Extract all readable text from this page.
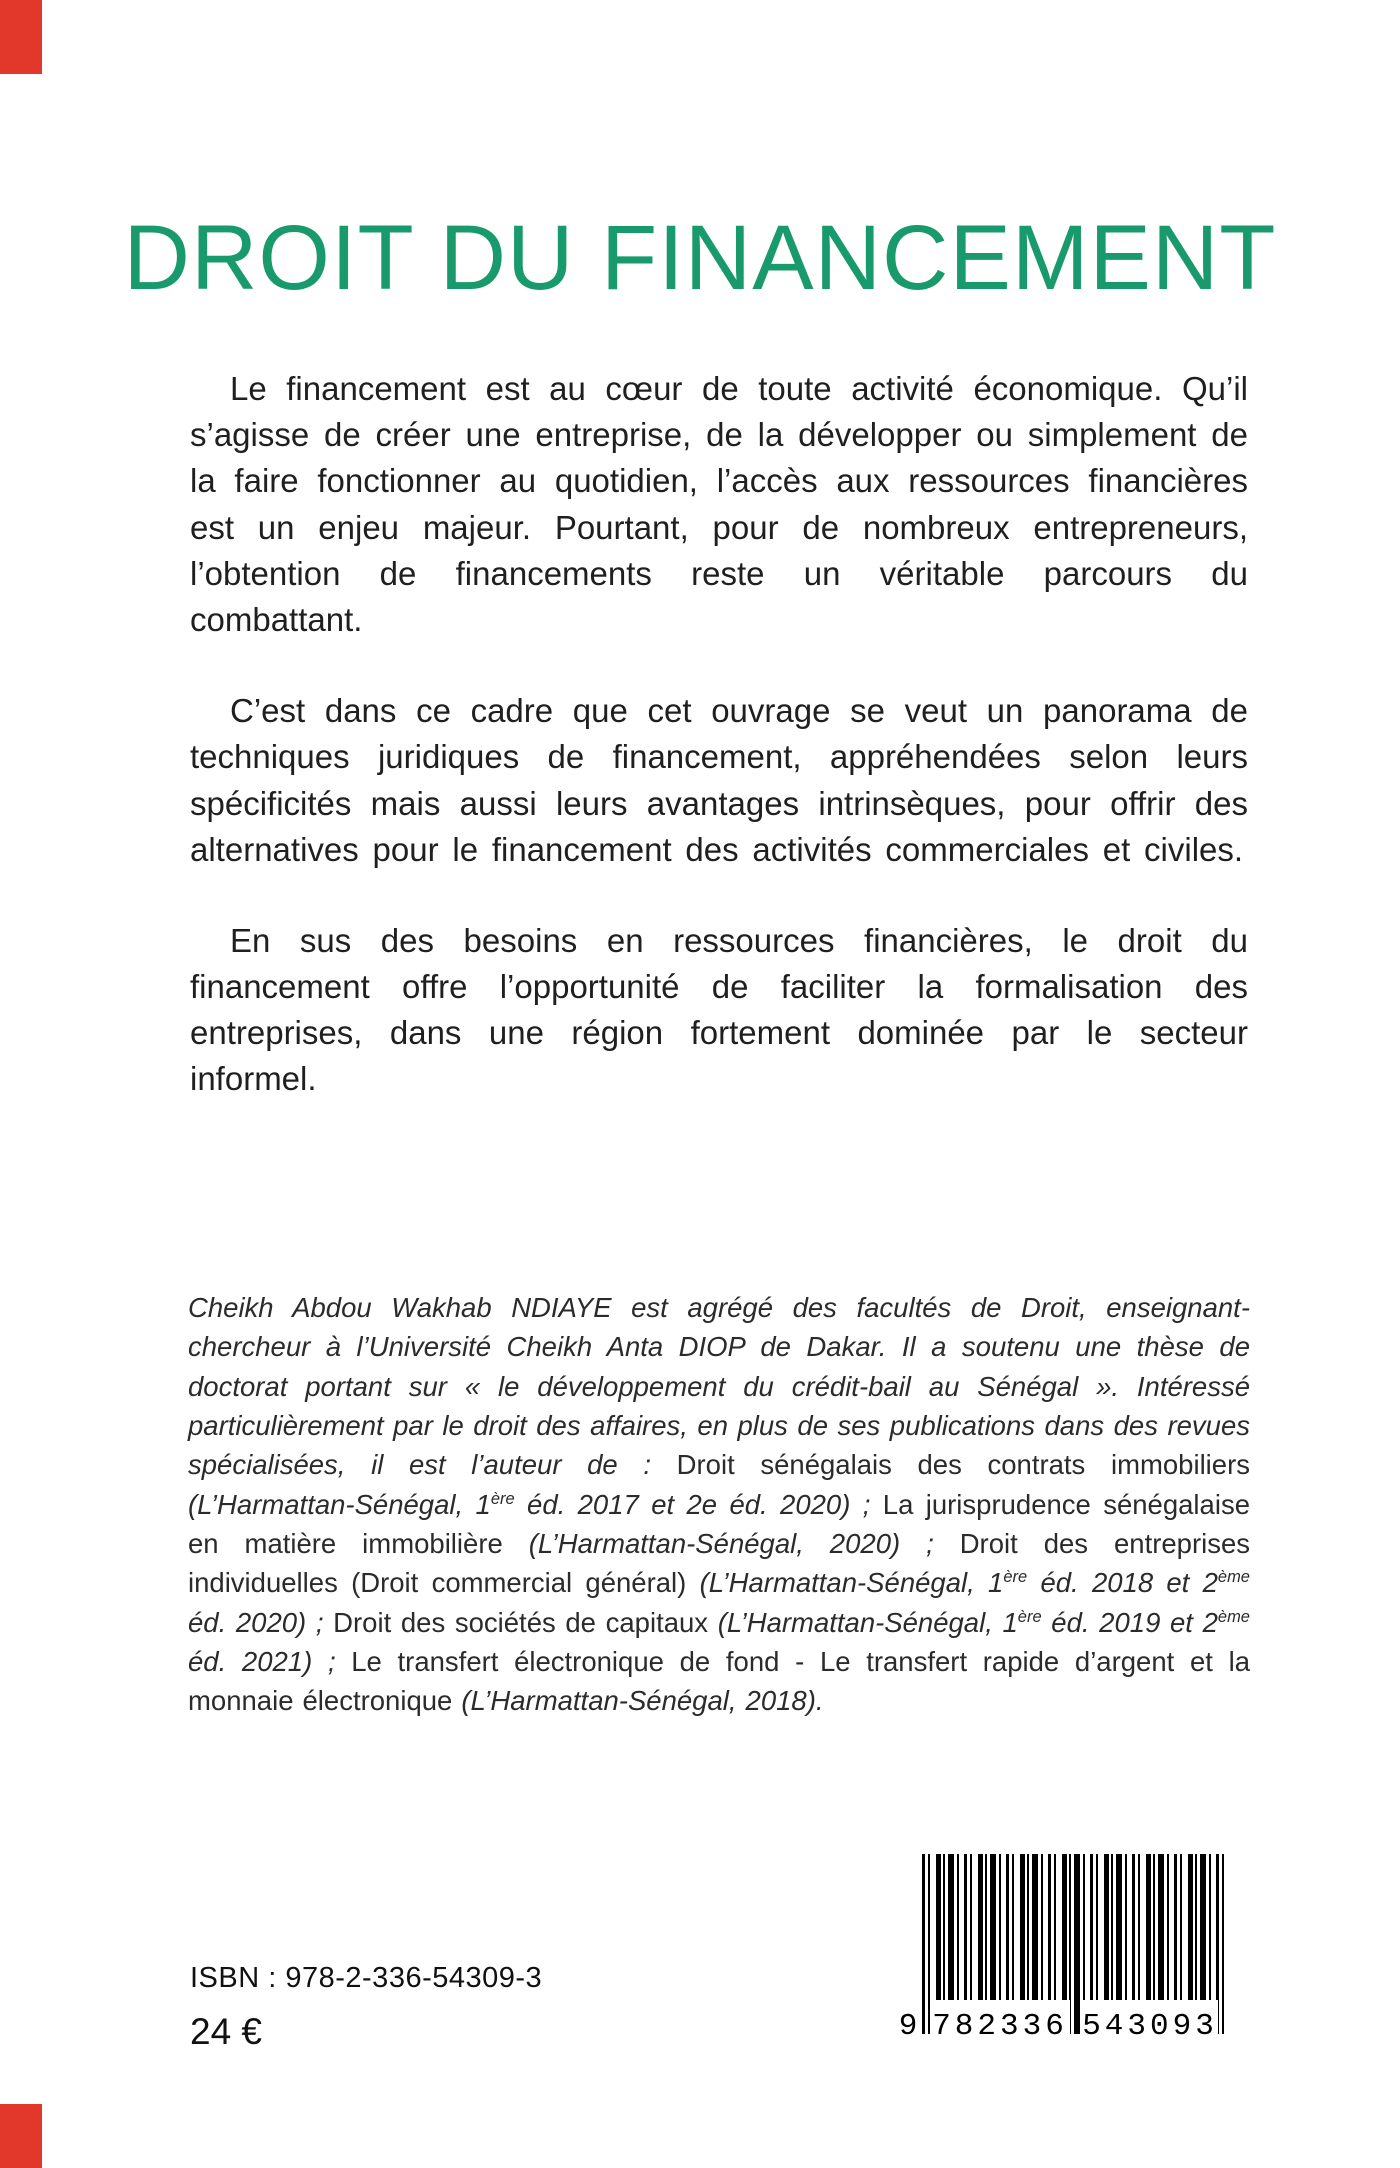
DROIT DU FINANCEMENT

Le financement est au cœur de toute activité économique. Qu’il s’agisse de créer une entreprise, de la développer ou simplement de la faire fonctionner au quotidien, l’accès aux ressources financières est un enjeu majeur. Pourtant, pour de nombreux entrepreneurs, l’obtention de financements reste un véritable parcours du combattant.

C’est dans ce cadre que cet ouvrage se veut un panorama de techniques juridiques de financement, appréhendées selon leurs spécificités mais aussi leurs avantages intrinsèques, pour offrir des alternatives pour le financement des activités commerciales et civiles.

En sus des besoins en ressources financières, le droit du financement offre l’opportunité de faciliter la formalisation des entreprises, dans une région fortement dominée par le secteur informel.

Cheikh Abdou Wakhab NDIAYE est agrégé des facultés de Droit, enseignant-chercheur à l’Université Cheikh Anta DIOP de Dakar. Il a soutenu une thèse de doctorat portant sur « le développement du crédit-bail au Sénégal ». Intéressé particulièrement par le droit des affaires, en plus de ses publications dans des revues spécialisées, il est l’auteur de : Droit sénégalais des contrats immobiliers (L’Harmattan-Sénégal, 1ère éd. 2017 et 2e éd. 2020) ; La jurisprudence sénégalaise en matière immobilière (L’Harmattan-Sénégal, 2020) ; Droit des entreprises individuelles (Droit commercial général) (L’Harmattan-Sénégal, 1ère éd. 2018 et 2ème éd. 2020) ; Droit des sociétés de capitaux (L’Harmattan-Sénégal, 1ère éd. 2019 et 2ème éd. 2021) ; Le transfert électronique de fond - Le transfert rapide d’argent et la monnaie électronique (L’Harmattan-Sénégal, 2018).
ISBN : 978-2-336-54309-3
24 €	9 782336 543093
